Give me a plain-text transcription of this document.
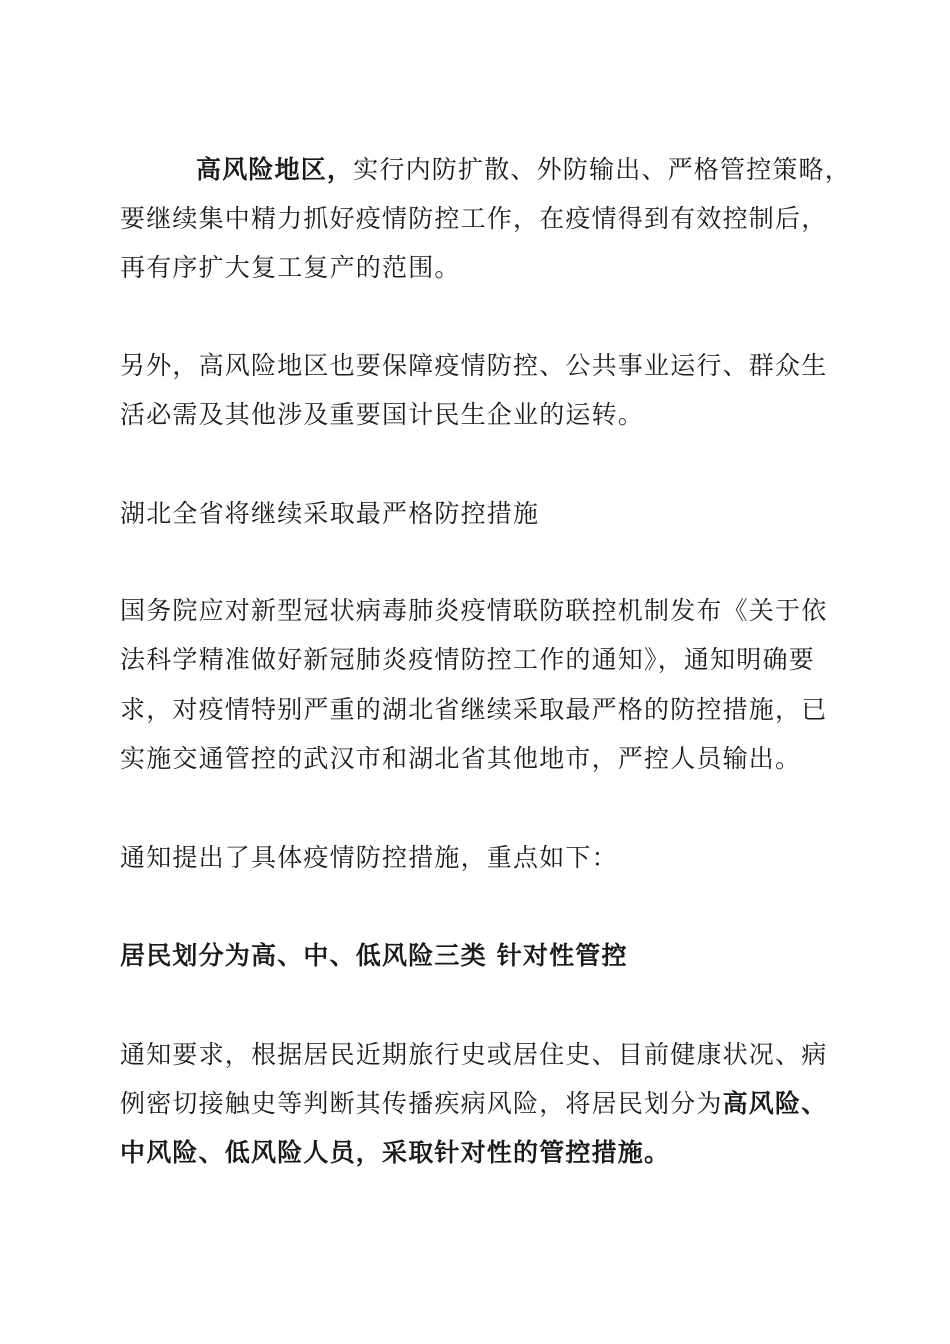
高风险地区，实行内防扩散、外防输出、严格管控策略，
要继续集中精力抓好疫情防控工作，在疫情得到有效控制后，
再有序扩大复工复产的范围。
另外，高风险地区也要保障疫情防控、公共事业运行、群众生
活必需及其他涉及重要国计民生企业的运转。
湖北全省将继续采取最严格防控措施
国务院应对新型冠状病毒肺炎疫情联防联控机制发布《关于依
法科学精准做好新冠肺炎疫情防控工作的通知》，通知明确要
求，对疫情特别严重的湖北省继续采取最严格的防控措施，已
实施交通管控的武汉市和湖北省其他地市，严控人员输出。
通知提出了具体疫情防控措施，重点如下：
居民划分为高、中、低风险三类 针对性管控
通知要求，根据居民近期旅行史或居住史、目前健康状况、病
例密切接触史等判断其传播疾病风险，将居民划分为高风险、
中风险、低风险人员，采取针对性的管控措施。
